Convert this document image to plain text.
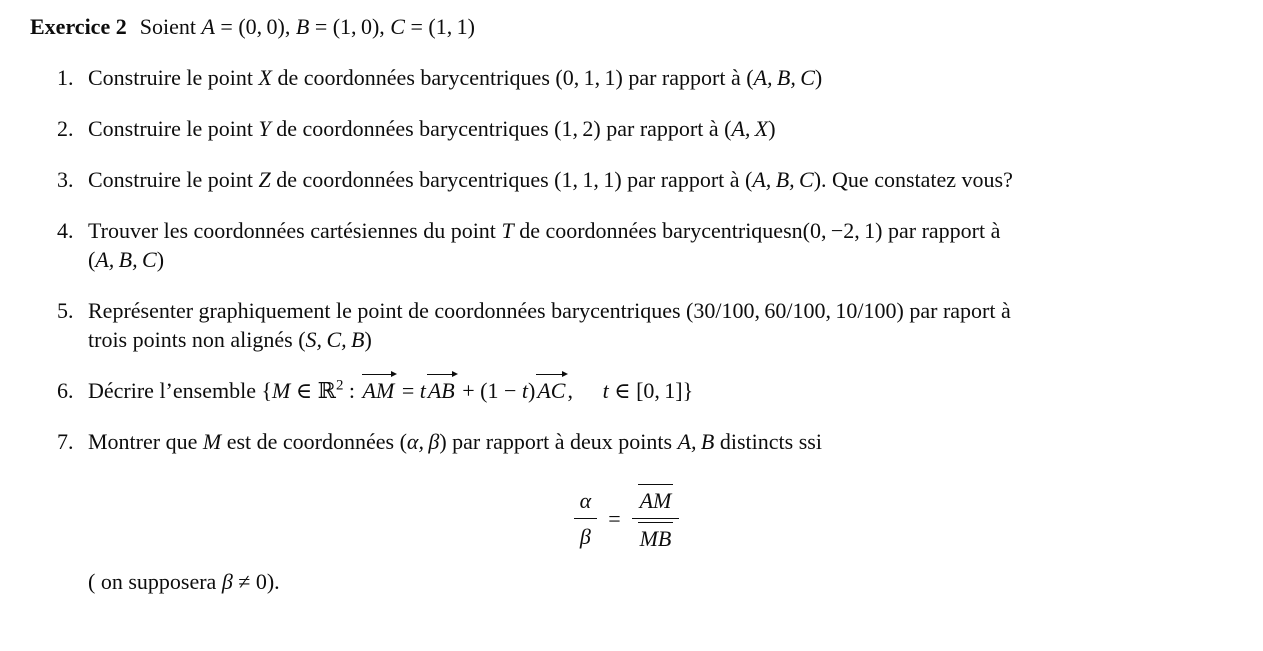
Exercice 2 Soient A = (0, 0), B = (1, 0), C = (1, 1)
1. Construire le point X de coordonnées barycentriques (0, 1, 1) par rapport à (A, B, C)
2. Construire le point Y de coordonnées barycentriques (1, 2) par rapport à (A, X)
3. Construire le point Z de coordonnées barycentriques (1, 1, 1) par rapport à (A, B, C). Que constatez vous?
4. Trouver les coordonnées cartésiennes du point T de coordonnées barycentriquesn(0, −2, 1) par rapport à
(A, B, C)
5. Représenter graphiquement le point de coordonnées barycentriques (30/100, 60/100, 10/100) par raport à
trois points non alignés (S, C, B)
6. Décrire l’ensemble {M ∈ ℝ$^2$ : AM = tAB + (1 − t)AC, t ∈ [0, 1]}
7. Montrer que M est de coordonnées (α, β) par rapport à deux points A, B distincts ssi
$\frac{\alpha}{\beta} = \frac{AM}{MB}$
( on supposera β ≠ 0).
